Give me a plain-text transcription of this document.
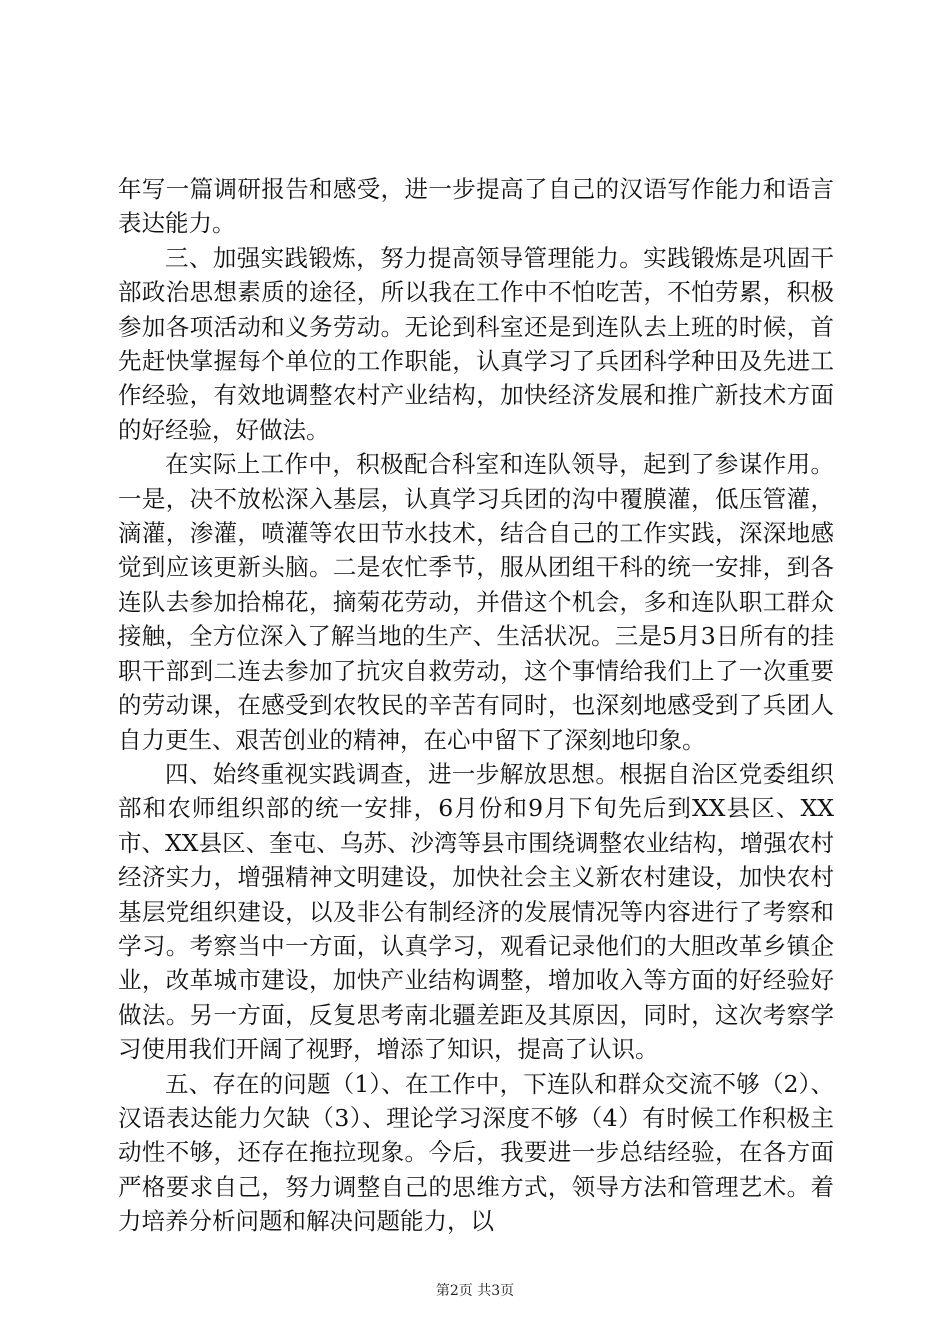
年写一篇调研报告和感受，进一步提高了自己的汉语写作能力和语言表达能力。

三、加强实践锻炼，努力提高领导管理能力。实践锻炼是巩固干部政治思想素质的途径，所以我在工作中不怕吃苦，不怕劳累，积极参加各项活动和义务劳动。无论到科室还是到连队去上班的时候，首先赶快掌握每个单位的工作职能，认真学习了兵团科学种田及先进工作经验，有效地调整农村产业结构，加快经济发展和推广新技术方面的好经验，好做法。

在实际上工作中，积极配合科室和连队领导，起到了参谋作用。一是，决不放松深入基层，认真学习兵团的沟中覆膜灌，低压管灌，滴灌，渗灌，喷灌等农田节水技术，结合自己的工作实践，深深地感觉到应该更新头脑。二是农忙季节，服从团组干科的统一安排，到各连队去参加拾棉花，摘菊花劳动，并借这个机会，多和连队职工群众接触，全方位深入了解当地的生产、生活状况。三是5月3日所有的挂职干部到二连去参加了抗灾自救劳动，这个事情给我们上了一次重要的劳动课，在感受到农牧民的辛苦有同时，也深刻地感受到了兵团人自力更生、艰苦创业的精神，在心中留下了深刻地印象。

四、始终重视实践调查，进一步解放思想。根据自治区党委组织部和农师组织部的统一安排，6月份和9月下旬先后到XX县区、XX市、XX县区、奎屯、乌苏、沙湾等县市围绕调整农业结构，增强农村经济实力，增强精神文明建设，加快社会主义新农村建设，加快农村基层党组织建设，以及非公有制经济的发展情况等内容进行了考察和学习。考察当中一方面，认真学习，观看记录他们的大胆改革乡镇企业，改革城市建设，加快产业结构调整，增加收入等方面的好经验好做法。另一方面，反复思考南北疆差距及其原因，同时，这次考察学习使用我们开阔了视野，增添了知识，提高了认识。

五、存在的问题（1）、在工作中，下连队和群众交流不够（2）、汉语表达能力欠缺（3）、理论学习深度不够（4）有时候工作积极主动性不够，还存在拖拉现象。今后，我要进一步总结经验，在各方面严格要求自己，努力调整自己的思维方式，领导方法和管理艺术。着力培养分析问题和解决问题能力，以

第2页 共3页
